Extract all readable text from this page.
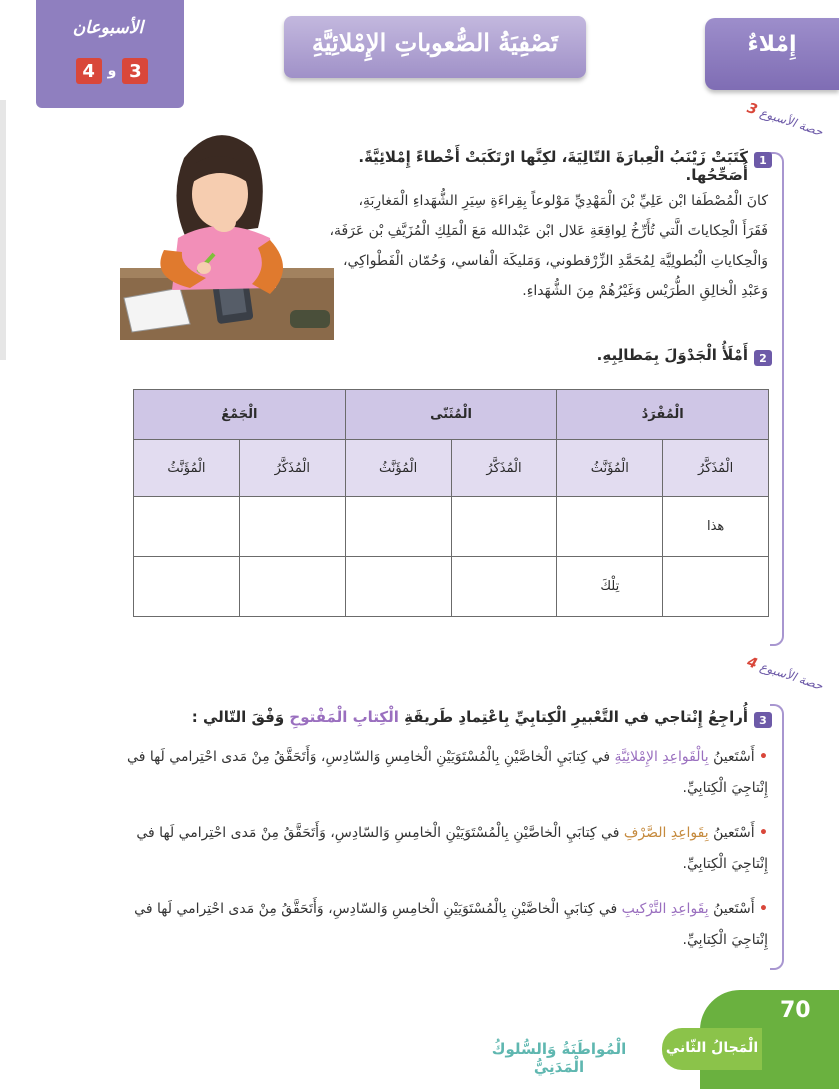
الأسبوعان
3
و
4
تَصْفِيَةُ الصُّعوباتِ الإِمْلائِيَّةِ	إِمْلاءٌ
حصة الأسبوع 3
1
كَتَبَتْ زَيْنَبُ الْعِبارَةَ التّالِيَةَ، لكِنَّها ارْتَكَبَتْ أَخْطاءً إِمْلائِيَّةً. أُصَحِّحُها.
كانَ الْمُصْطَفا ابْن عَلِيِّ بْنَ الْمَهْدِيِّ مَوْلوعاً بِقِراءَةِ سِيَرِ الشُّهَداءِ الْمَغارِبَةِ،
فَقَرَأَ الْحِكاياتَ الَّتي تُأَرِّخُ لِواقِعَةِ عَلال ابْن عَبْدالله مَعَ الْمَلِكِ الْمُزَيَّفِ بْن عَرَفَة،
وَالْحِكاياتِ الْبُطولِيَّة لِمُحَمَّدِ الزِّرْقطوني، وَمَليكَة الْفاسي، وَحُمّان الْفَطْواكِي،
وَعَبْدِ الْخالِقِ الطُّرَيْس وَغَيْرُهُمْ مِنَ الشُّهَداءِ.
2
أَمْلَأُ الْجَدْوَلَ بِمَطالِبِهِ.
الْمُفْرَدُ		الْمُثَنّى		الْجَمْعُ	
الْمُذَكَّرُ	الْمُؤَنَّثُ	الْمُذَكَّرُ	الْمُؤَنَّثُ	الْمُذَكَّرُ	الْمُؤَنَّثُ
هذا					
	تِلْكَ				
حصة الأسبوع 4
3
أُراجِعُ إِنْتاجي في التَّعْبيرِ الْكِتابِيِّ بِاعْتِمادِ طَريقَةِ الْكِتابِ الْمَفْتوحِ وَفْقَ التّالي :
• أَسْتَعينُ بِالْقَواعِدِ الإِمْلائِيَّةِ في كِتابَيِ الْخاصَّيْنِ بِالْمُسْتَوَيَيْنِ الْخامِسِ وَالسّادِسِ، وَأَتَحَقَّقُ مِنْ مَدى احْتِرامي لَها في إِنْتاجِيَ الْكِتابِيِّ.
• أَسْتَعينُ بِقَواعِدِ الصَّرْفِ في كِتابَيِ الْخاصَّيْنِ بِالْمُسْتَوَيَيْنِ الْخامِسِ وَالسّادِسِ، وَأَتَحَقَّقُ مِنْ مَدى احْتِرامي لَها في إِنْتاجِيَ الْكِتابِيِّ.
• أَسْتَعينُ بِقَواعِدِ التَّرْكيبِ في كِتابَيِ الْخاصَّيْنِ بِالْمُسْتَوَيَيْنِ الْخامِسِ وَالسّادِسِ، وَأَتَحَقَّقُ مِنْ مَدى احْتِرامي لَها في إِنْتاجِيَ الْكِتابِيِّ.
70
الْمَجالُ الثّاني
الْمُواطَنَةُ وَالسُّلوكُ الْمَدَنِيُّ
